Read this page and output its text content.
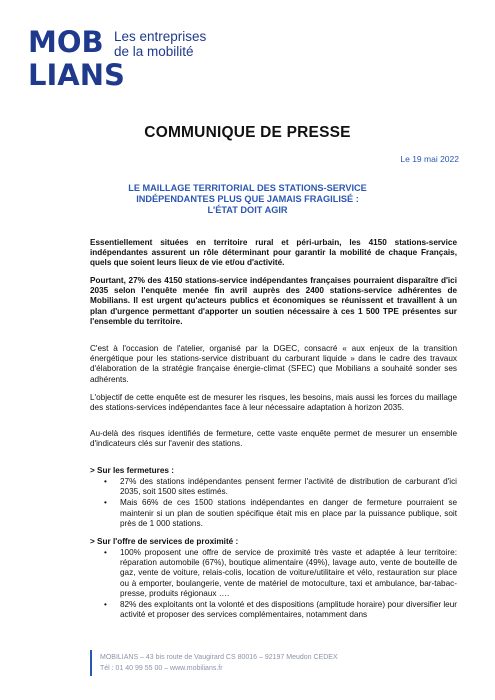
MOB
LIANS
Les entreprises
de la mobilité
COMMUNIQUE DE PRESSE
Le 19 mai 2022
LE MAILLAGE TERRITORIAL DES STATIONS-SERVICE
INDÉPENDANTES PLUS QUE JAMAIS FRAGILISÉ :
L'ÉTAT DOIT AGIR
Essentiellement situées en territoire rural et péri-urbain, les 4150 stations-service indépendantes assurent un rôle déterminant pour garantir la mobilité de chaque Français, quels que soient leurs lieux de vie et/ou d'activité.
Pourtant, 27% des 4150 stations-service indépendantes françaises pourraient disparaître d'ici 2035 selon l'enquête menée fin avril auprès des 2400 stations-service adhérentes de Mobilians. Il est urgent qu'acteurs publics et économiques se réunissent et travaillent à un plan d'urgence permettant d'apporter un soutien nécessaire à ces 1 500 TPE présentes sur l'ensemble du territoire.
C'est à l'occasion de l'atelier, organisé par la DGEC, consacré « aux enjeux de la transition énergétique pour les stations-service distribuant du carburant liquide » dans le cadre des travaux d'élaboration de la stratégie française énergie-climat (SFEC) que Mobilians a souhaité sonder ses adhérents.
L'objectif de cette enquête est de mesurer les risques, les besoins, mais aussi les forces du maillage des stations-services indépendantes face à leur nécessaire adaptation à horizon 2035.
Au-delà des risques identifiés de fermeture, cette vaste enquête permet de mesurer un ensemble d'indicateurs clés sur l'avenir des stations.
> Sur les fermetures :
• 27% des stations indépendantes pensent fermer l'activité de distribution de carburant d'ici 2035, soit 1500 sites estimés.
• Mais 66% de ces 1500 stations indépendantes en danger de fermeture pourraient se maintenir si un plan de soutien spécifique était mis en place par la puissance publique, soit près de 1 000 stations.
> Sur l'offre de services de proximité :
• 100% proposent une offre de service de proximité très vaste et adaptée à leur territoire: réparation automobile (67%), boutique alimentaire (49%), lavage auto, vente de bouteille de gaz, vente de voiture, relais-colis, location de voiture/utilitaire et vélo, restauration sur place ou à emporter, boulangerie, vente de matériel de motoculture, taxi et ambulance, bar-tabac-presse, produits régionaux ….
• 82% des exploitants ont la volonté et des dispositions (amplitude horaire) pour diversifier leur activité et proposer des services complémentaires, notamment dans
MOBILIANS – 43 bis route de Vaugirard CS 80016 – 92197 Meudon CEDEX
Tél : 01 40 99 55 00 – www.mobilians.fr
